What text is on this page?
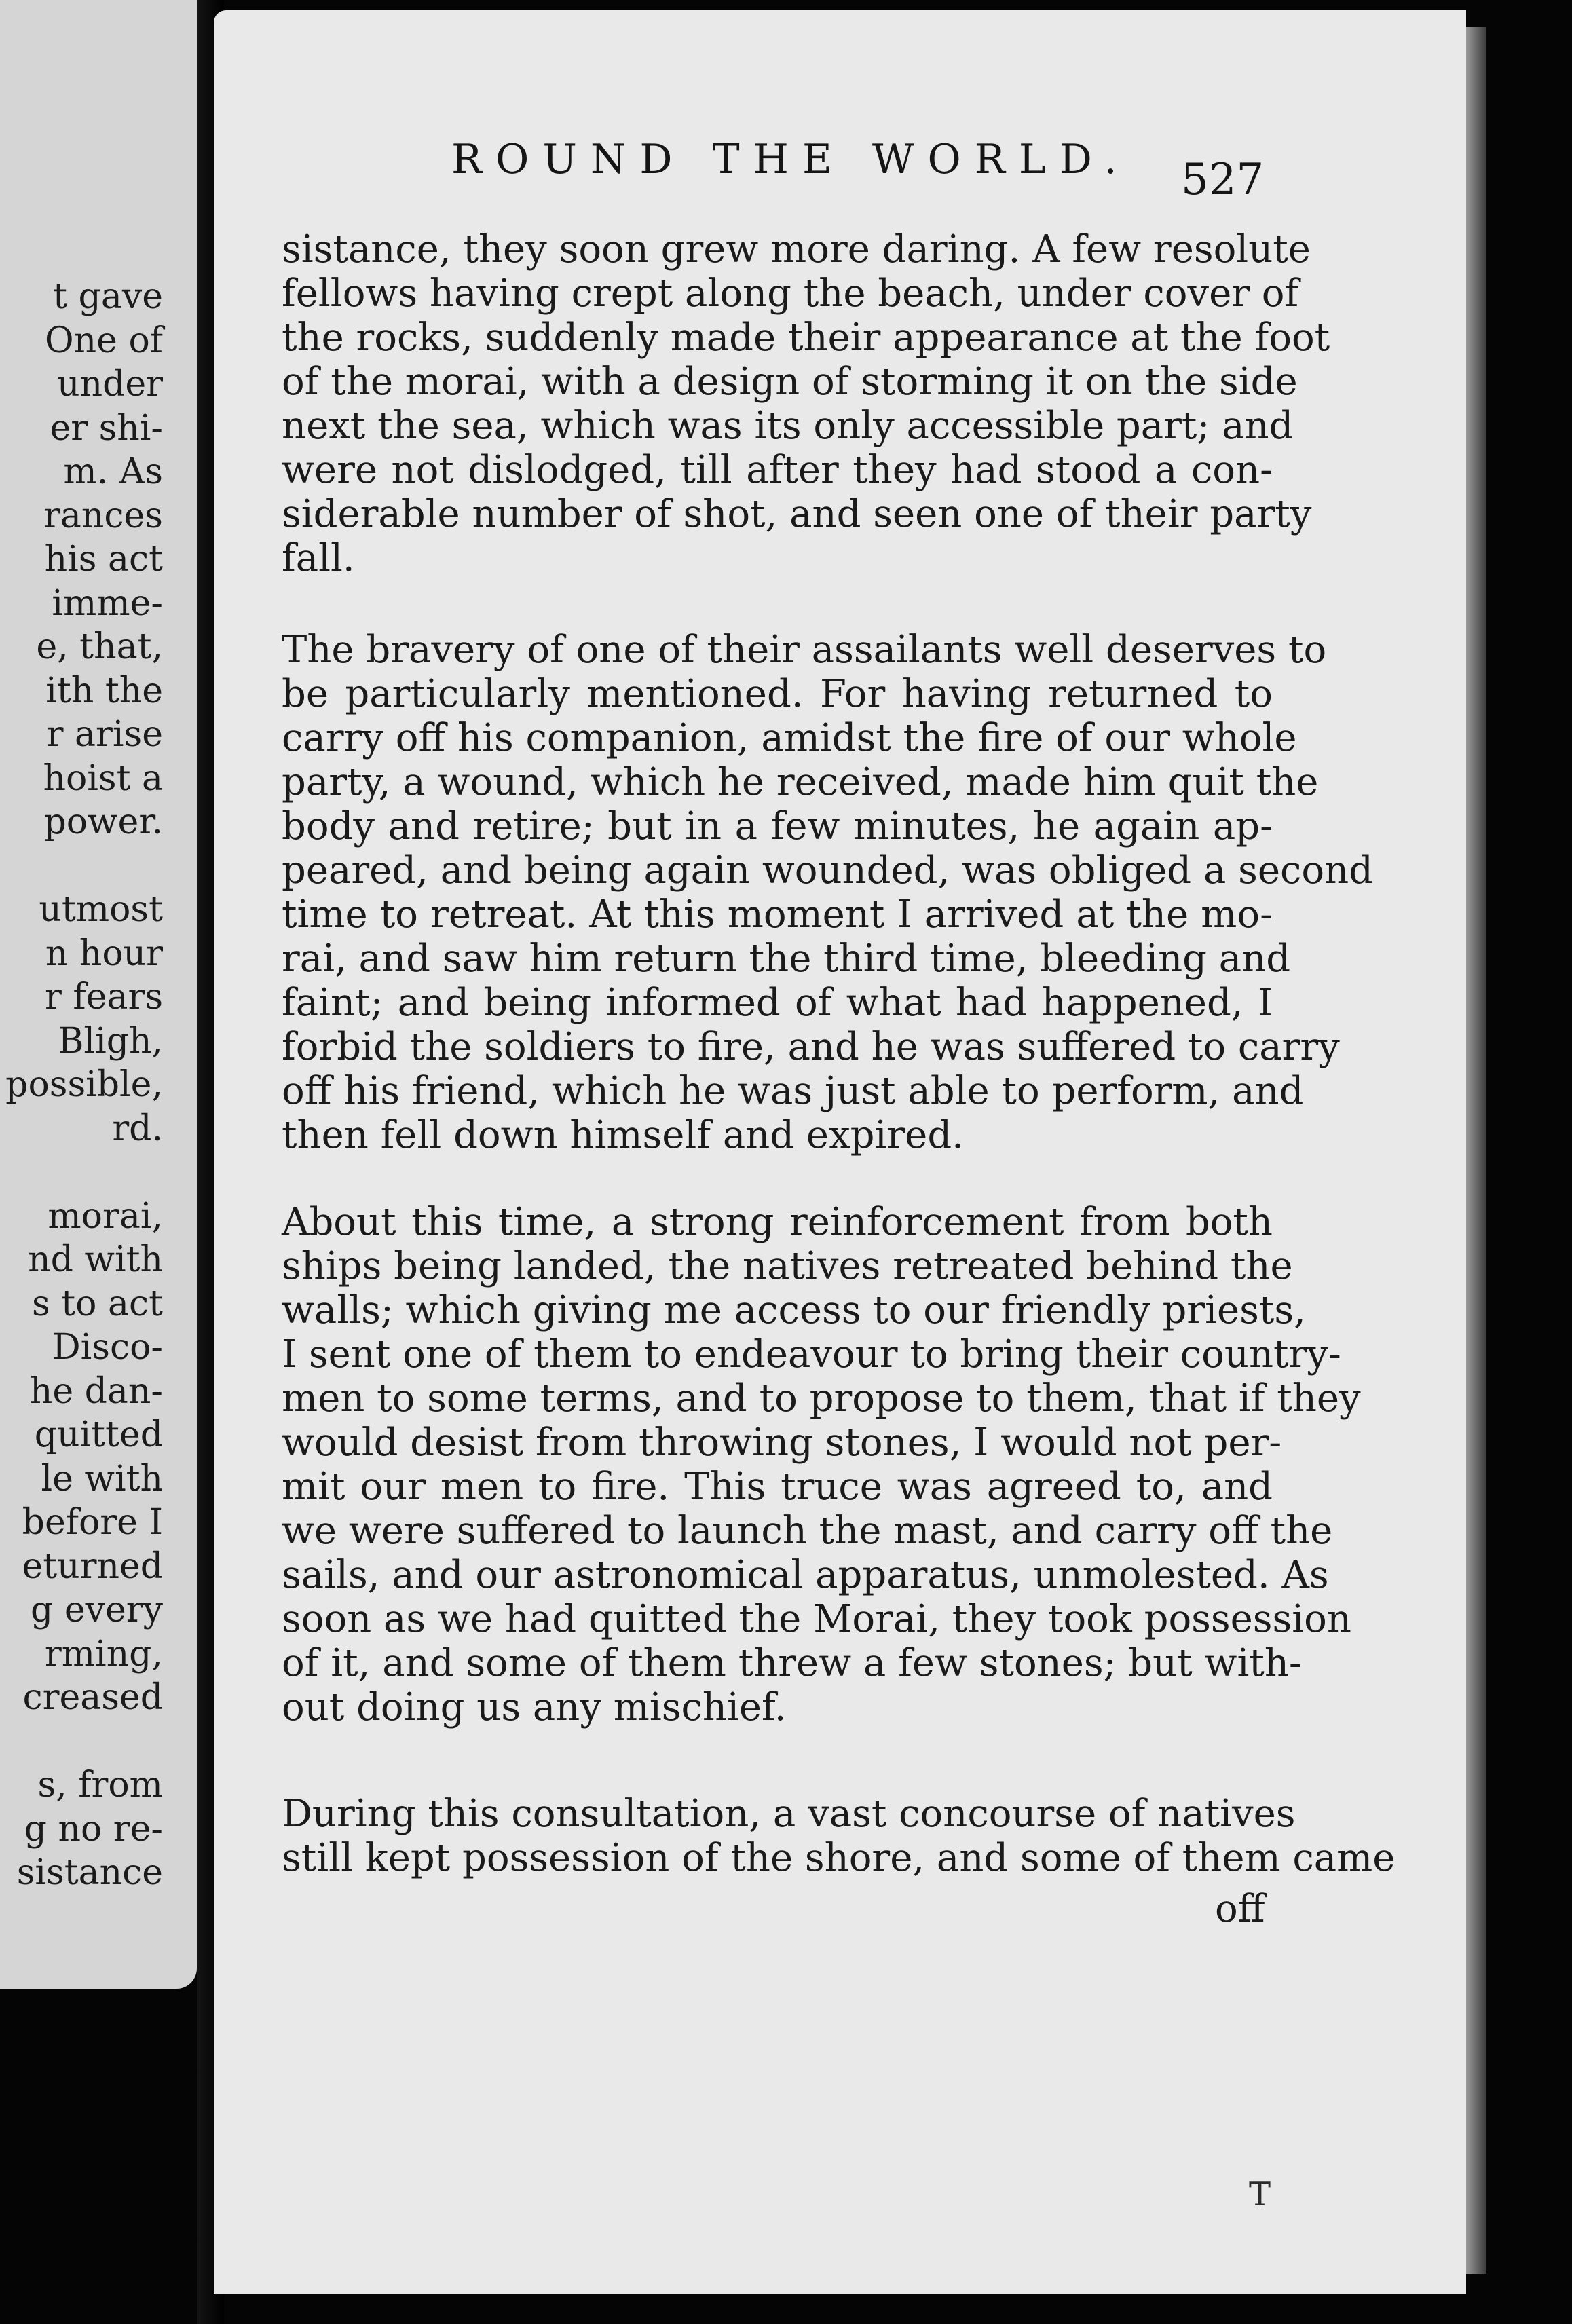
t gave
One of
under
er shi-
m. As
rances
his act
imme-
e, that,
ith the
r arise
hoist a
power.
utmost
n hour
r fears
Bligh,
possible,
rd.
morai,
nd with
s to act
Disco-
he dan-
quitted
le with
before I
eturned
g every
rming,
creased
s, from
g no re-
sistance
ROUND THE WORLD.	527
sistance, they soon grew more daring. A few resolute
fellows having crept along the beach, under cover of
the rocks, suddenly made their appearance at the foot
of the morai, with a design of storming it on the side
next the sea, which was its only accessible part; and
were not dislodged, till after they had stood a con-
siderable number of shot, and seen one of their party
fall.
The bravery of one of their assailants well deserves to
be particularly mentioned. For having returned to
carry off his companion, amidst the fire of our whole
party, a wound, which he received, made him quit the
body and retire; but in a few minutes, he again ap-
peared, and being again wounded, was obliged a second
time to retreat. At this moment I arrived at the mo-
rai, and saw him return the third time, bleeding and
faint; and being informed of what had happened, I
forbid the soldiers to fire, and he was suffered to carry
off his friend, which he was just able to perform, and
then fell down himself and expired.
About this time, a strong reinforcement from both
ships being landed, the natives retreated behind the
walls; which giving me access to our friendly priests,
I sent one of them to endeavour to bring their country-
men to some terms, and to propose to them, that if they
would desist from throwing stones, I would not per-
mit our men to fire. This truce was agreed to, and
we were suffered to launch the mast, and carry off the
sails, and our astronomical apparatus, unmolested. As
soon as we had quitted the Morai, they took possession
of it, and some of them threw a few stones; but with-
out doing us any mischief.
During this consultation, a vast concourse of natives
still kept possession of the shore, and some of them came
off
T
